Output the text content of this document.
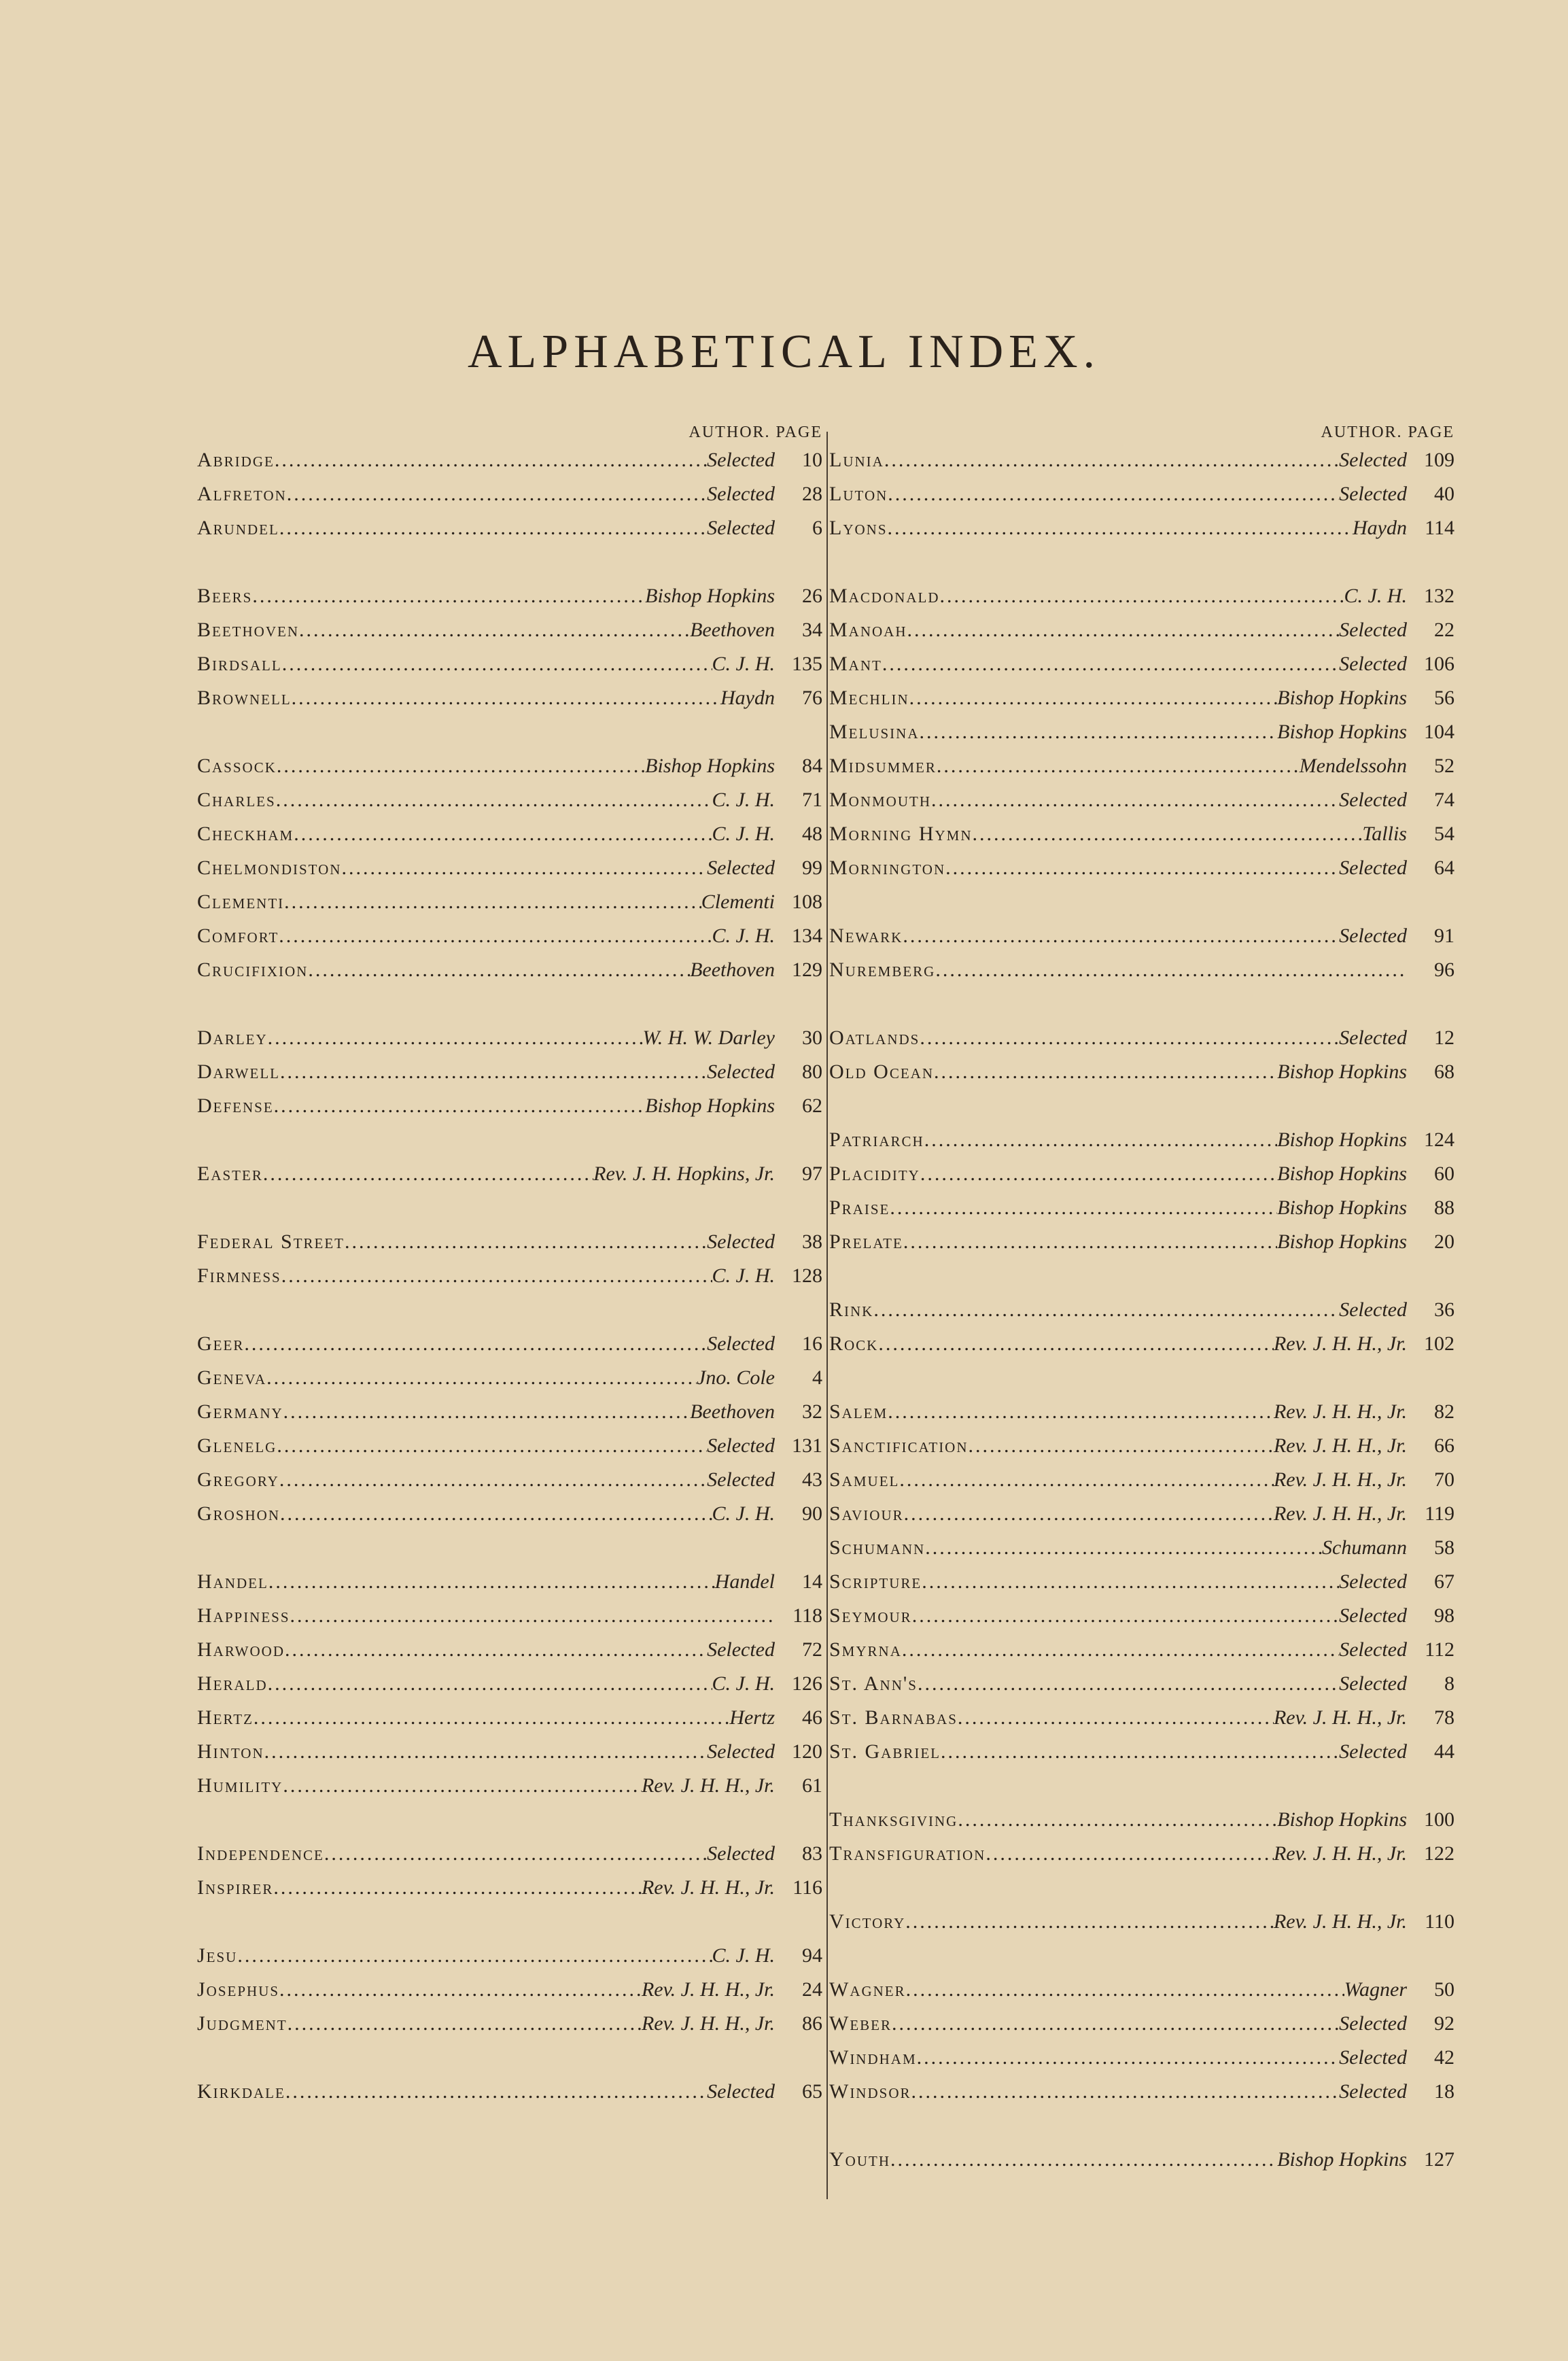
ALPHABETICAL INDEX.
AUTHOR. PAGE
Abridge .....	Selected	10
Alfreton .....	Selected	28
Arundel .....	Selected	6
Beers .....	Bishop Hopkins	26
Beethoven .....	Beethoven	34
Birdsall .....	C. J. H. 135
Brownell .....	Haydn	76
Cassock .....	Bishop Hopkins	84
Charles .....	C. J. H.	71
Checkham .....	C. J. H.	48
Chelmondiston .....	Selected	99
Clementi .....	Clementi 108
Comfort .....	C. J. H. 134
Crucifixion .....	Beethoven 129
Darley .....	W. H. W. Darley	30
Darwell .....	Selected	80
Defense .....	Bishop Hopkins	62
Easter .....	Rev. J. H. Hopkins, Jr.	97
Federal Street .....	Selected	38
Firmness .....	C. J. H. 128
Geer .....	Selected	16
Geneva .....	Jno. Cole	4
Germany .....	Beethoven	32
Glenelg .....	Selected 131
Gregory .....	Selected	43
Groshon .....	C. J. H.	90
Handel .....	Handel	14
Happiness .....	118
Harwood .....	Selected	72
Herald .....	C. J. H. 126
Hertz .....	Hertz	46
Hinton .....	Selected 120
Humility .....	Rev. J. H. H., Jr.	61
Independence .....	Selected	83
Inspirer .....	Rev. J. H. H., Jr. 116
Jesu .....	C. J. H.	94
Josephus .....	Rev. J. H. H., Jr.	24
Judgment .....	Rev. J. H. H., Jr.	86
Kirkdale .....	Selected	65
AUTHOR. PAGE
Lunia .....	Selected 109
Luton .....	Selected	40
Lyons .....	Haydn 114
Macdonald .....	C. J. H. 132
Manoah .....	Selected	22
Mant .....	Selected 106
Mechlin .....	Bishop Hopkins	56
Melusina .....	Bishop Hopkins 104
Midsummer .....	Mendelssohn	52
Monmouth .....	Selected	74
Morning Hymn .....	Tallis	54
Mornington .....	Selected	64
Newark .....	Selected	91
Nuremberg .....	96
Oatlands .....	Selected	12
Old Ocean .....	Bishop Hopkins	68
Patriarch .....	Bishop Hopkins 124
Placidity .....	Bishop Hopkins	60
Praise .....	Bishop Hopkins	88
Prelate .....	Bishop Hopkins	20
Rink .....	Selected	36
Rock .....	Rev. J. H. H., Jr. 102
Salem .....	Rev. J. H. H., Jr.	82
Sanctification .....	Rev. J. H. H., Jr.	66
Samuel .....	Rev. J. H. H., Jr.	70
Saviour .....	Rev. J. H. H., Jr. 119
Schumann .....	Schumann	58
Scripture .....	Selected	67
Seymour .....	Selected	98
Smyrna .....	Selected 112
St. Ann's .....	Selected	8
St. Barnabas .....	Rev. J. H. H., Jr.	78
St. Gabriel .....	Selected	44
Thanksgiving .....	Bishop Hopkins 100
Transfiguration .....	Rev. J. H. H., Jr. 122
Victory .....	Rev. J. H. H., Jr. 110
Wagner .....	Wagner	50
Weber .....	Selected	92
Windham .....	Selected	42
Windsor .....	Selected	18
Youth .....	Bishop Hopkins 127
